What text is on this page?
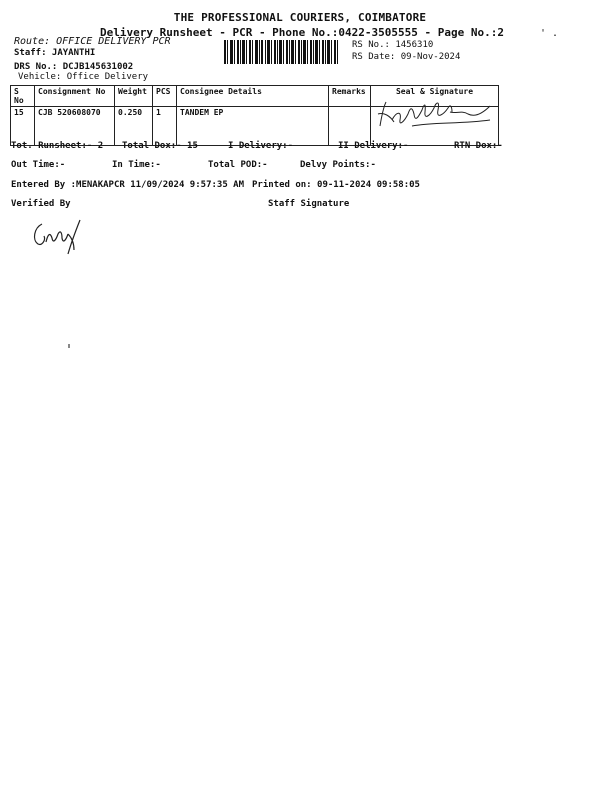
THE PROFESSIONAL COURIERS, COIMBATORE
Delivery Runsheet - PCR - Phone No.:0422-3505555 - Page No.:2	' .
Route: OFFICE DELIVERY PCR
Staff: JAYANTHI
DRS No.: DCJB145631002
Vehicle: Office Delivery
RS No.: 1456310
RS Date: 09-Nov-2024
S No	Consignment No	Weight	PCS	Consignee Details	Remarks	Seal & Signature
15	CJB 520608070	0.250	1	TANDEM EP		
Tot. Runsheet:- 2 Total Dox:- 15	I Delivery:-	II Delivery:-	RTN Dox:-
Out Time:-	In Time:-	Total POD:-	Delvy Points:-
Entered By :MENAKAPCR 11/09/2024 9:57:35 AM Printed on: 09-11-2024 09:58:05
Verified By	Staff Signature
